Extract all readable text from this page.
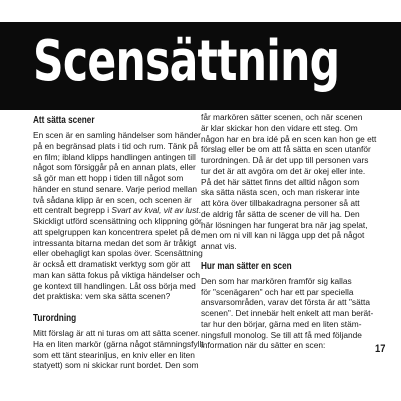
Scensättning
Att sätta scener
En scen är en samling händelser som händer
på en begränsad plats i tid och rum. Tänk på
en film; ibland klipps handlingen antingen till
något som försiggår på en annan plats, eller
så gör man ett hopp i tiden till något som
händer en stund senare. Varje period mellan
två sådana klipp är en scen, och scenen är
ett centralt begrepp i Svart av kval, vit av lust.
Skickligt utförd scensättning och klippning gör
att spelgruppen kan koncentrera spelet på de
intressanta bitarna medan det som är tråkigt
eller obehagligt kan spolas över. Scensättning
är också ett dramatiskt verktyg som gör att
man kan sätta fokus på viktiga händelser och
ge kontext till handlingen. Låt oss börja med
det praktiska: vem ska sätta scenen?
Turordning
Mitt förslag är att ni turas om att sätta scener.
Ha en liten markör (gärna något stämningsfyllt
som ett tänt stearinljus, en kniv eller en liten
statyett) som ni skickar runt bordet. Den som
får markören sätter scenen, och när scenen
är klar skickar hon den vidare ett steg. Om
någon har en bra idé på en scen kan hon ge ett
förslag eller be om att få sätta en scen utanför
turordningen. Då är det upp till personen vars
tur det är att avgöra om det är okej eller inte.
På det här sättet finns det alltid någon som
ska sätta nästa scen, och man riskerar inte
att köra över tillbakadragna personer så att
de aldrig får sätta de scener de vill ha. Den
här lösningen har fungerat bra när jag spelat,
men om ni vill kan ni lägga upp det på något
annat vis.
Hur man sätter en scen
Den som har markören framför sig kallas
för "scenägaren" och har ett par speciella
ansvarsområden, varav det första är att "sätta
scenen". Det innebär helt enkelt att man berät-
tar hur den börjar, gärna med en liten stäm-
ningsfull monolog. Se till att få med följande
information när du sätter en scen:	17
